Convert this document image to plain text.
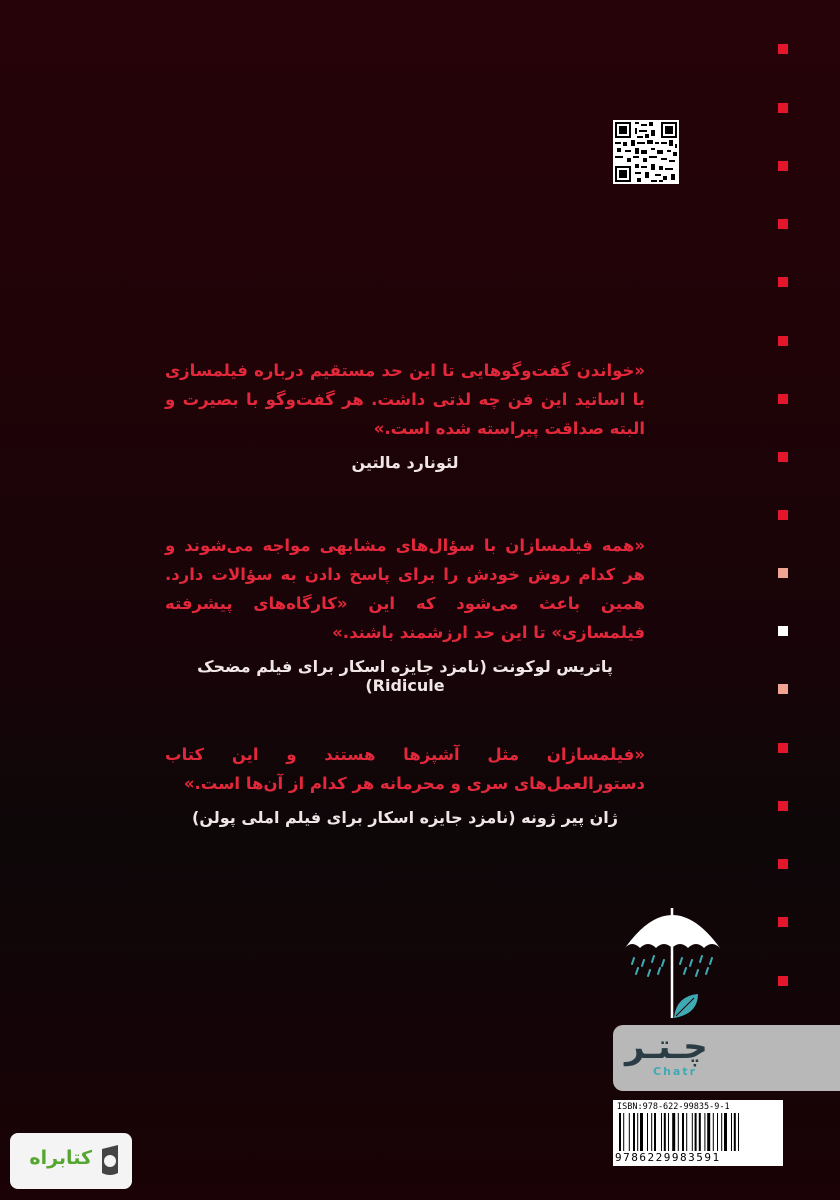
«خواندن گفت‌وگوهایی تا این حد مستقیم درباره فیلمسازی با اساتید این فن چه لذتی داشت. هر گفت‌وگو با بصیرت و البته صداقت پیراسته شده است.»

لئونارد مالتین

«همه فیلمسازان با سؤال‌های مشابهی مواجه می‌شوند و هر کدام روش خودش را برای پاسخ دادن به سؤالات دارد. همین باعث می‌شود که این «کارگاه‌های پیشرفته فیلمسازی» تا این حد ارزشمند باشند.»

پاتریس لوکونت (نامزد جایزه اسکار برای فیلم مضحک Ridicule)

«فیلمسازان مثل آشپزها هستند و این کتاب دستورالعمل‌های سری و محرمانه هر کدام از آن‌ها است.»

ژان پیر ژونه (نامزد جایزه اسکار برای فیلم املی پولن)

چـتـر
Chatr
ISBN:978-622-99835-9-1
9786229983591
کتابراه
